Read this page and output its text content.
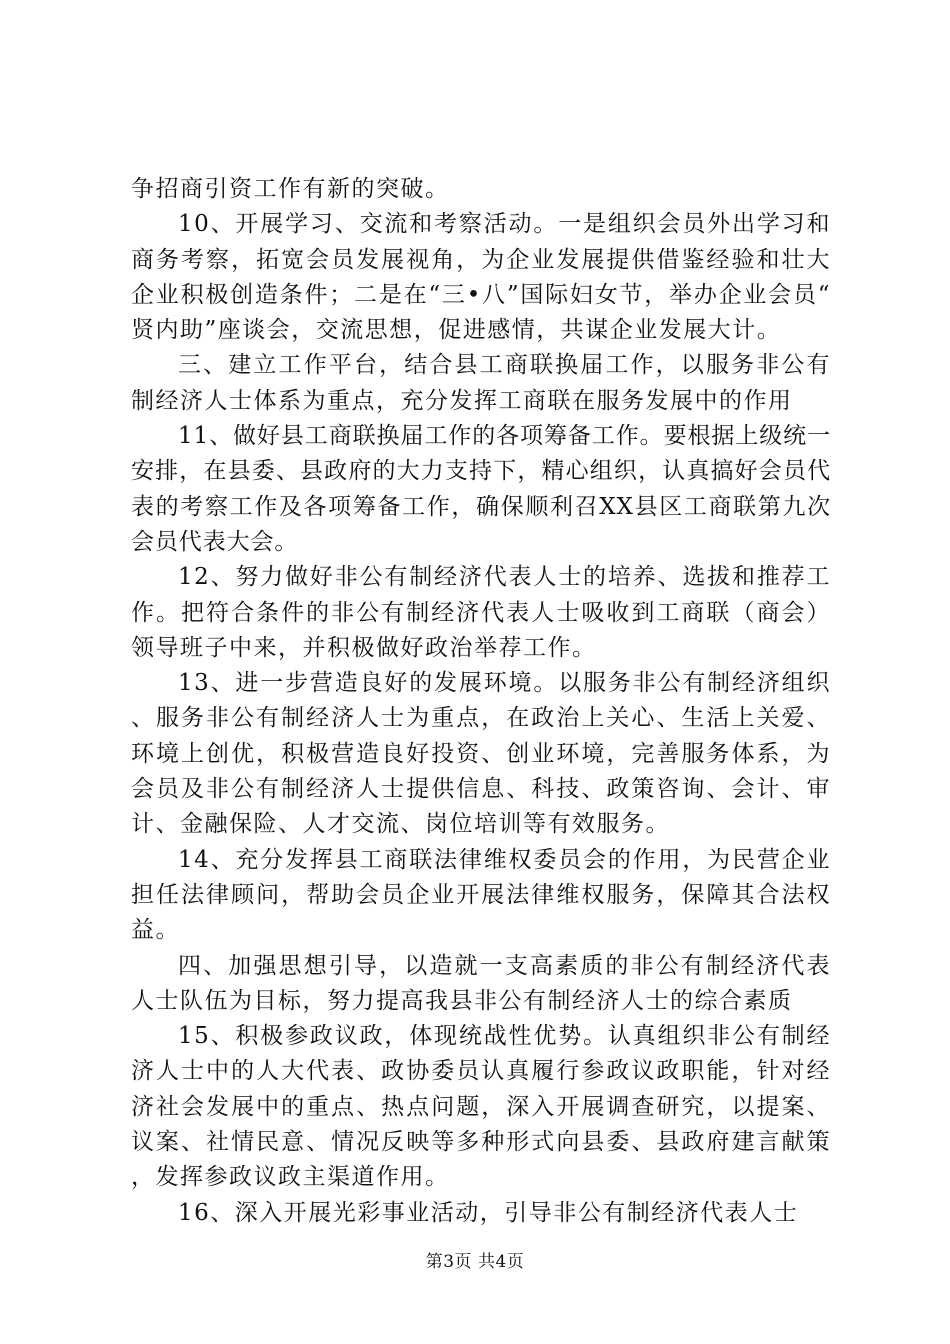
争招商引资工作有新的突破。

10、开展学习、交流和考察活动。一是组织会员外出学习和商务考察，拓宽会员发展视角，为企业发展提供借鉴经验和壮大企业积极创造条件；二是在“三•八”国际妇女节，举办企业会员“贤内助”座谈会，交流思想，促进感情，共谋企业发展大计。

三、建立工作平台，结合县工商联换届工作，以服务非公有制经济人士体系为重点，充分发挥工商联在服务发展中的作用

11、做好县工商联换届工作的各项筹备工作。要根据上级统一安排，在县委、县政府的大力支持下，精心组织，认真搞好会员代表的考察工作及各项筹备工作，确保顺利召XX县区工商联第九次会员代表大会。

12、努力做好非公有制经济代表人士的培养、选拔和推荐工作。把符合条件的非公有制经济代表人士吸收到工商联（商会）领导班子中来，并积极做好政治举荐工作。

13、进一步营造良好的发展环境。以服务非公有制经济组织、服务非公有制经济人士为重点，在政治上关心、生活上关爱、环境上创优，积极营造良好投资、创业环境，完善服务体系，为会员及非公有制经济人士提供信息、科技、政策咨询、会计、审计、金融保险、人才交流、岗位培训等有效服务。

14、充分发挥县工商联法律维权委员会的作用，为民营企业担任法律顾问，帮助会员企业开展法律维权服务，保障其合法权益。

四、加强思想引导，以造就一支高素质的非公有制经济代表人士队伍为目标，努力提高我县非公有制经济人士的综合素质

15、积极参政议政，体现统战性优势。认真组织非公有制经济人士中的人大代表、政协委员认真履行参政议政职能，针对经济社会发展中的重点、热点问题，深入开展调查研究，以提案、议案、社情民意、情况反映等多种形式向县委、县政府建言献策，发挥参政议政主渠道作用。

16、深入开展光彩事业活动，引导非公有制经济代表人士

第3页 共4页
